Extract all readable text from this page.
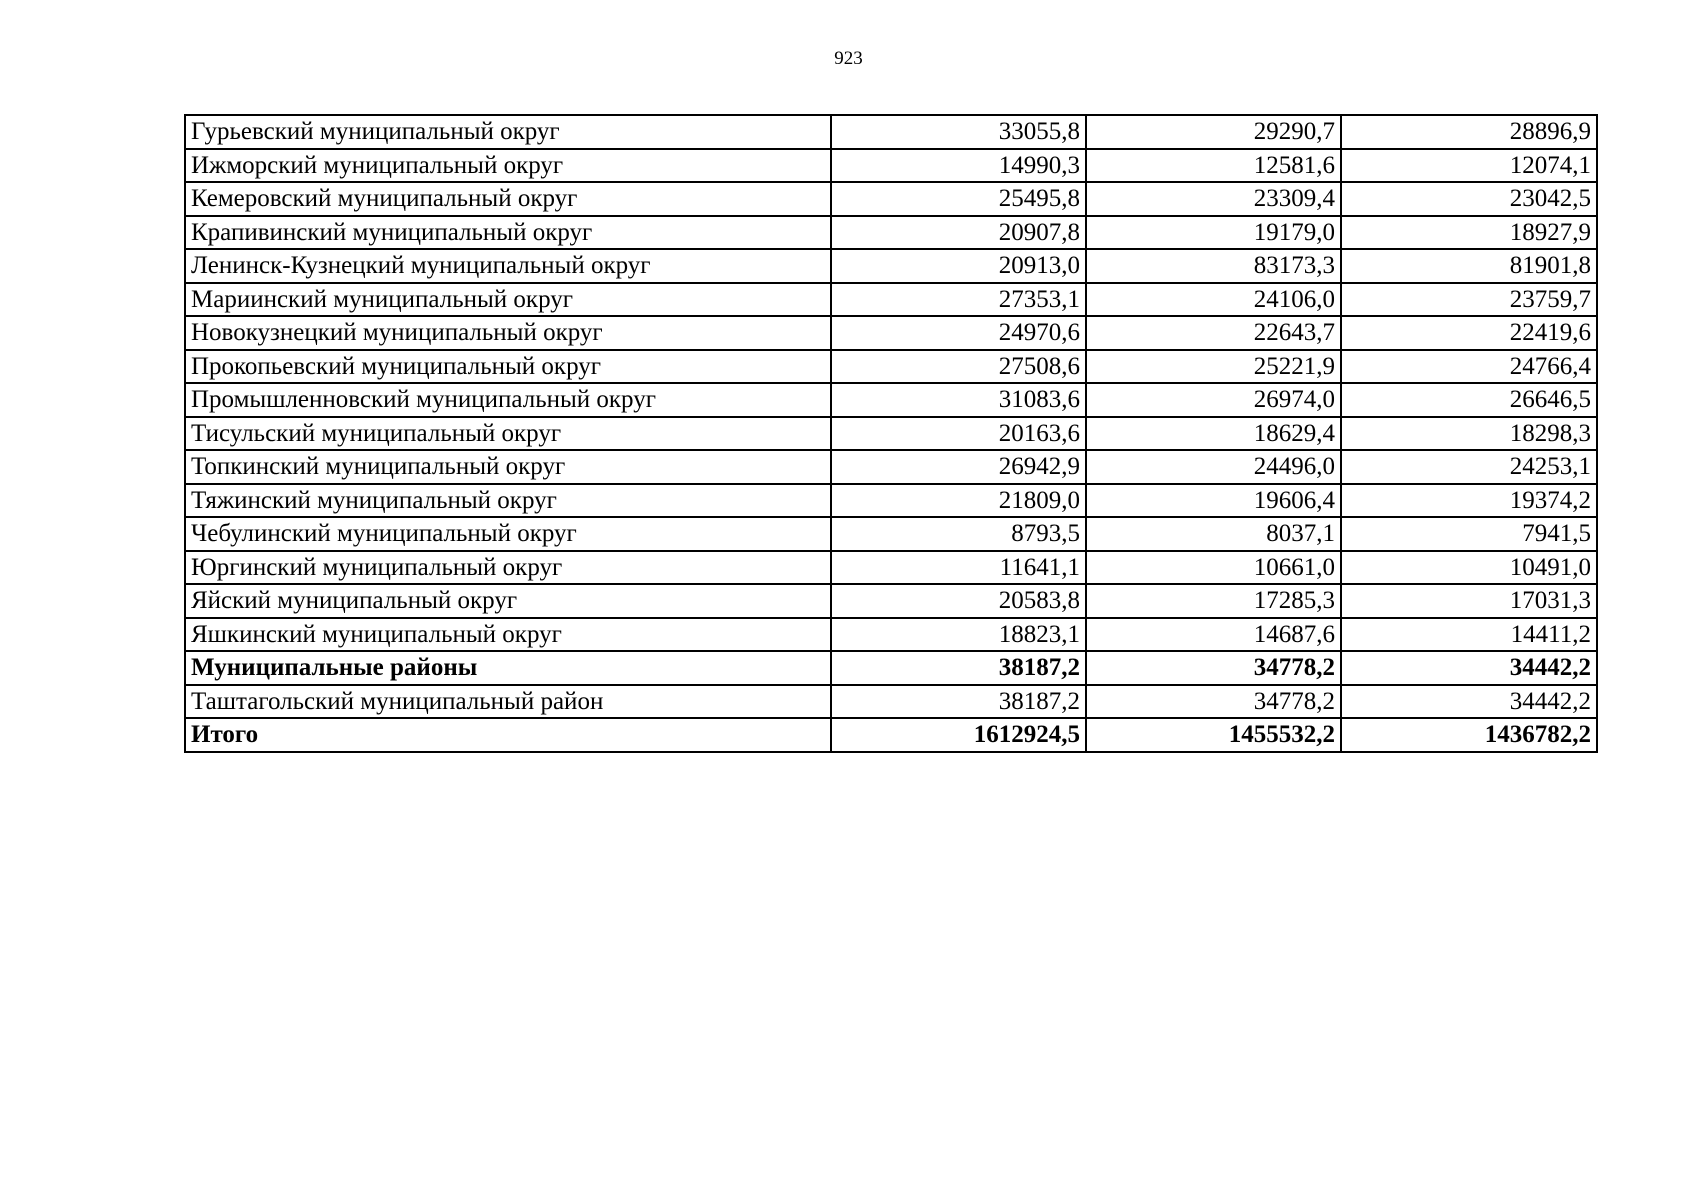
923
Гурьевский муниципальный округ	33055,8	29290,7	28896,9
Ижморский муниципальный округ	14990,3	12581,6	12074,1
Кемеровский муниципальный округ	25495,8	23309,4	23042,5
Крапивинский муниципальный округ	20907,8	19179,0	18927,9
Ленинск-Кузнецкий муниципальный округ	20913,0	83173,3	81901,8
Мариинский муниципальный округ	27353,1	24106,0	23759,7
Новокузнецкий муниципальный округ	24970,6	22643,7	22419,6
Прокопьевский муниципальный округ	27508,6	25221,9	24766,4
Промышленновский муниципальный округ	31083,6	26974,0	26646,5
Тисульский муниципальный округ	20163,6	18629,4	18298,3
Топкинский муниципальный округ	26942,9	24496,0	24253,1
Тяжинский муниципальный округ	21809,0	19606,4	19374,2
Чебулинский муниципальный округ	8793,5	8037,1	7941,5
Юргинский муниципальный округ	11641,1	10661,0	10491,0
Яйский муниципальный округ	20583,8	17285,3	17031,3
Яшкинский муниципальный округ	18823,1	14687,6	14411,2
Муниципальные районы	38187,2	34778,2	34442,2
Таштагольский муниципальный район	38187,2	34778,2	34442,2
Итого	1612924,5	1455532,2	1436782,2
